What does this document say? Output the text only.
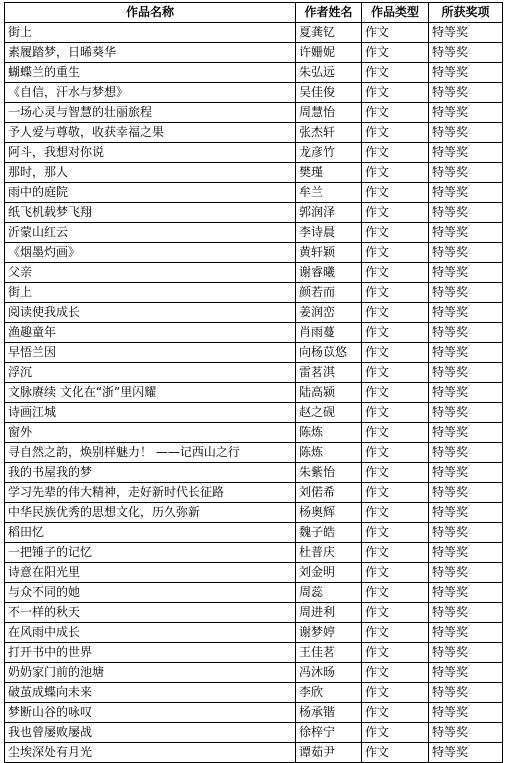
作品名称	作者姓名	作品类型	所获奖项
街上	夏龚钇	作文	特等奖
素履踏梦，日晞葵华	许姗妮	作文	特等奖
蝴蝶兰的重生	朱弘远	作文	特等奖
《自信，汗水与梦想》	吴佳俊	作文	特等奖
一场心灵与智慧的壮丽旅程	周慧怡	作文	特等奖
予人爱与尊敬，收获幸福之果	张杰轩	作文	特等奖
阿斗，我想对你说	龙彦竹	作文	特等奖
那时，那人	樊瑾	作文	特等奖
雨中的庭院	牟兰	作文	特等奖
纸飞机载梦飞翔	郭润泽	作文	特等奖
沂蒙山红云	李诗晨	作文	特等奖
《烟墨灼画》	黄轩颖	作文	特等奖
父亲	谢睿曦	作文	特等奖
街上	颜若而	作文	特等奖
阅读使我成长	姜润峦	作文	特等奖
渔趣童年	肖雨蔓	作文	特等奖
早悟兰因	向杨苡悠	作文	特等奖
浮沉	雷茗淇	作文	特等奖
文脉赓续 文化在“浙”里闪耀	陆高颍	作文	特等奖
诗画江城	赵之砚	作文	特等奖
窗外	陈炼	作文	特等奖
寻自然之韵，焕别样魅力！ ——记西山之行	陈炼	作文	特等奖
我的书屋我的梦	朱紫怡	作文	特等奖
学习先辈的伟大精神，走好新时代长征路	刘偌希	作文	特等奖
中华民族优秀的思想文化，历久弥新	杨奥辉	作文	特等奖
稻田忆	魏子皓	作文	特等奖
一把锤子的记忆	杜普庆	作文	特等奖
诗意在阳光里	刘金明	作文	特等奖
与众不同的她	周蕊	作文	特等奖
不一样的秋天	周进利	作文	特等奖
在风雨中成长	谢梦婷	作文	特等奖
打开书中的世界	王佳茗	作文	特等奖
奶奶家门前的池塘	冯沐旸	作文	特等奖
破茧成蝶向未来	李欣	作文	特等奖
梦断山谷的咏叹	杨承锴	作文	特等奖
我也曾屡败屡战	徐梓宁	作文	特等奖
尘埃深处有月光	谭茹尹	作文	特等奖
